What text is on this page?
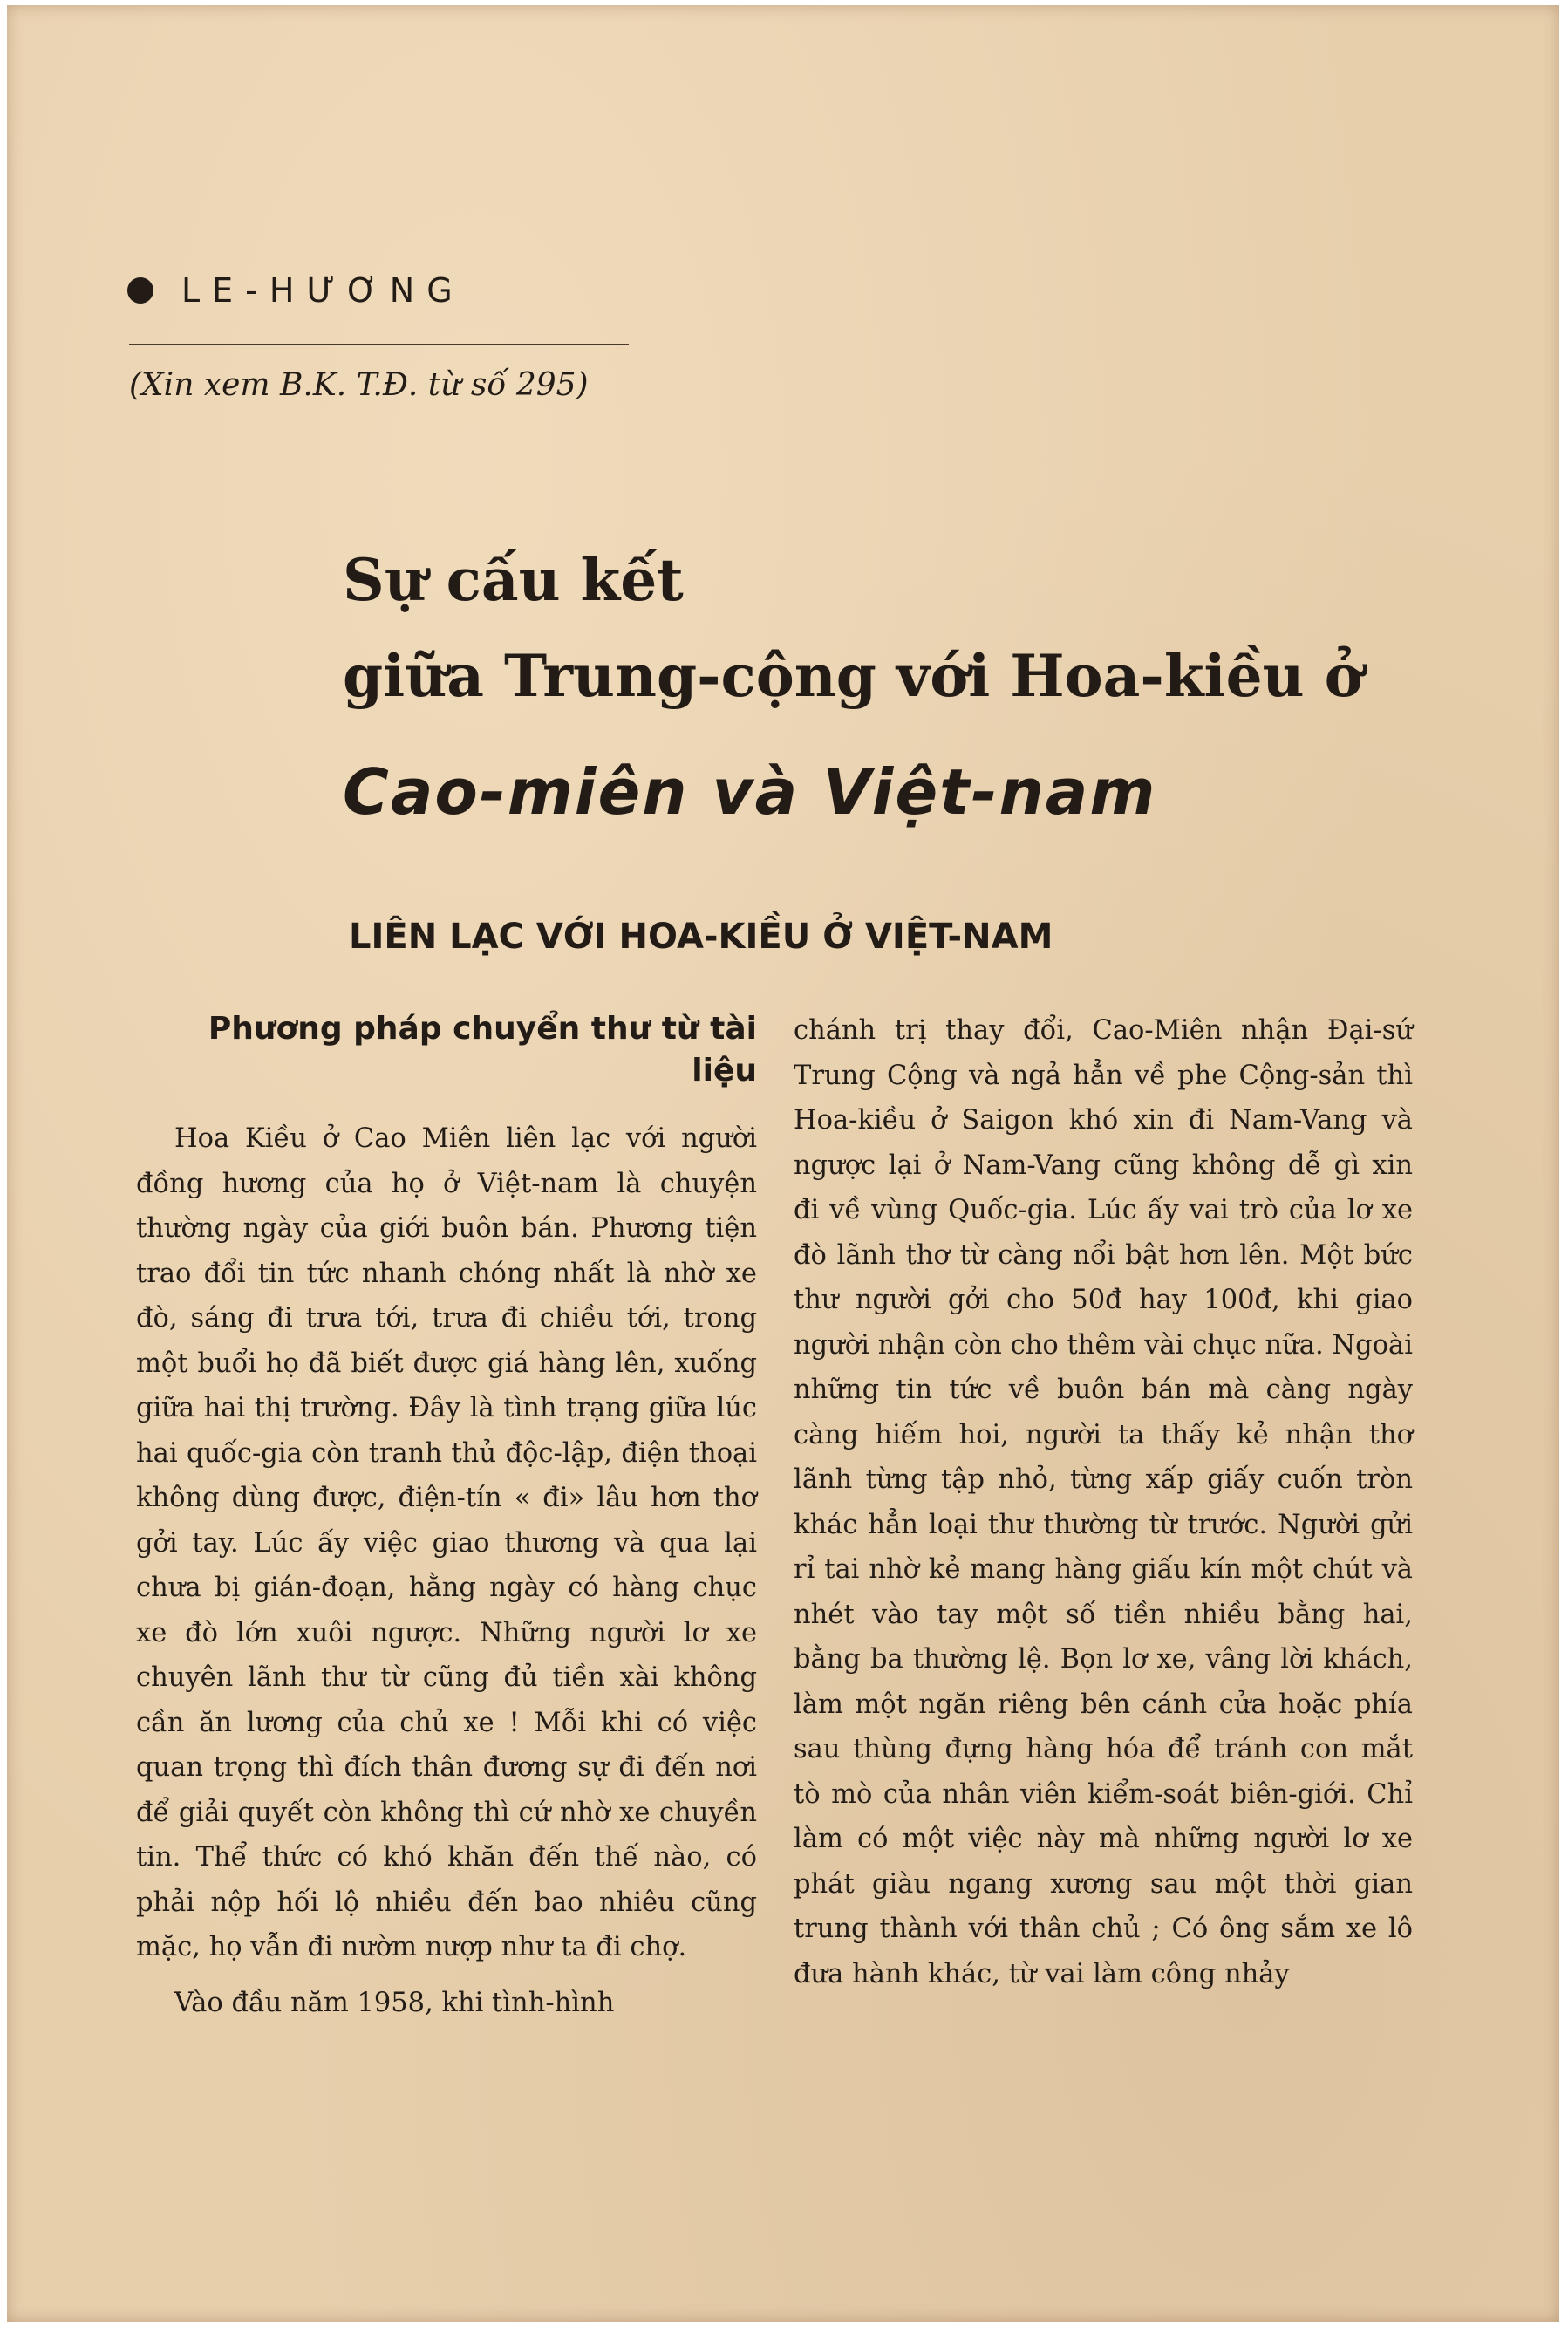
LE-HƯƠNG
(Xin xem B.K. T.Đ. từ số 295)
Sự cấu kết
giữa Trung-cộng với Hoa-kiều ở
Cao-miên và Việt-nam
LIÊN LẠC VỚI HOA-KIỀU Ở VIỆT-NAM
Phương pháp chuyển thư từ tài liệu

Hoa Kiều ở Cao Miên liên lạc với người đồng hương của họ ở Việt-nam là chuyện thường ngày của giới buôn bán. Phương tiện trao đổi tin tức nhanh chóng nhất là nhờ xe đò, sáng đi trưa tới, trưa đi chiều tới, trong một buổi họ đã biết được giá hàng lên, xuống giữa hai thị trường. Đây là tình trạng giữa lúc hai quốc-gia còn tranh thủ độc-lập, điện thoại không dùng được, điện-tín « đi» lâu hơn thơ gởi tay. Lúc ấy việc giao thương và qua lại chưa bị gián-đoạn, hằng ngày có hàng chục xe đò lớn xuôi ngược. Những người lơ xe chuyên lãnh thư từ cũng đủ tiền xài không cần ăn lương của chủ xe ! Mỗi khi có việc quan trọng thì đích thân đương sự đi đến nơi để giải quyết còn không thì cứ nhờ xe chuyền tin. Thể thức có khó khăn đến thế nào, có phải nộp hối lộ nhiều đến bao nhiêu cũng mặc, họ vẫn đi nườm nượp như ta đi chợ.

Vào đầu năm 1958, khi tình-hình

chánh trị thay đổi, Cao-Miên nhận Đại-sứ Trung Cộng và ngả hẳn về phe Cộng-sản thì Hoa-kiều ở Saigon khó xin đi Nam-Vang và ngược lại ở Nam-Vang cũng không dễ gì xin đi về vùng Quốc-gia. Lúc ấy vai trò của lơ xe đò lãnh thơ từ càng nổi bật hơn lên. Một bức thư người gởi cho 50đ hay 100đ, khi giao người nhận còn cho thêm vài chục nữa. Ngoài những tin tức về buôn bán mà càng ngày càng hiếm hoi, người ta thấy kẻ nhận thơ lãnh từng tập nhỏ, từng xấp giấy cuốn tròn khác hẳn loại thư thường từ trước. Người gửi rỉ tai nhờ kẻ mang hàng giấu kín một chút và nhét vào tay một số tiền nhiều bằng hai, bằng ba thường lệ. Bọn lơ xe, vâng lời khách, làm một ngăn riêng bên cánh cửa hoặc phía sau thùng đựng hàng hóa để tránh con mắt tò mò của nhân viên kiểm-soát biên-giới. Chỉ làm có một việc này mà những người lơ xe phát giàu ngang xương sau một thời gian trung thành với thân chủ ; Có ông sắm xe lô đưa hành khác, từ vai làm công nhảy
